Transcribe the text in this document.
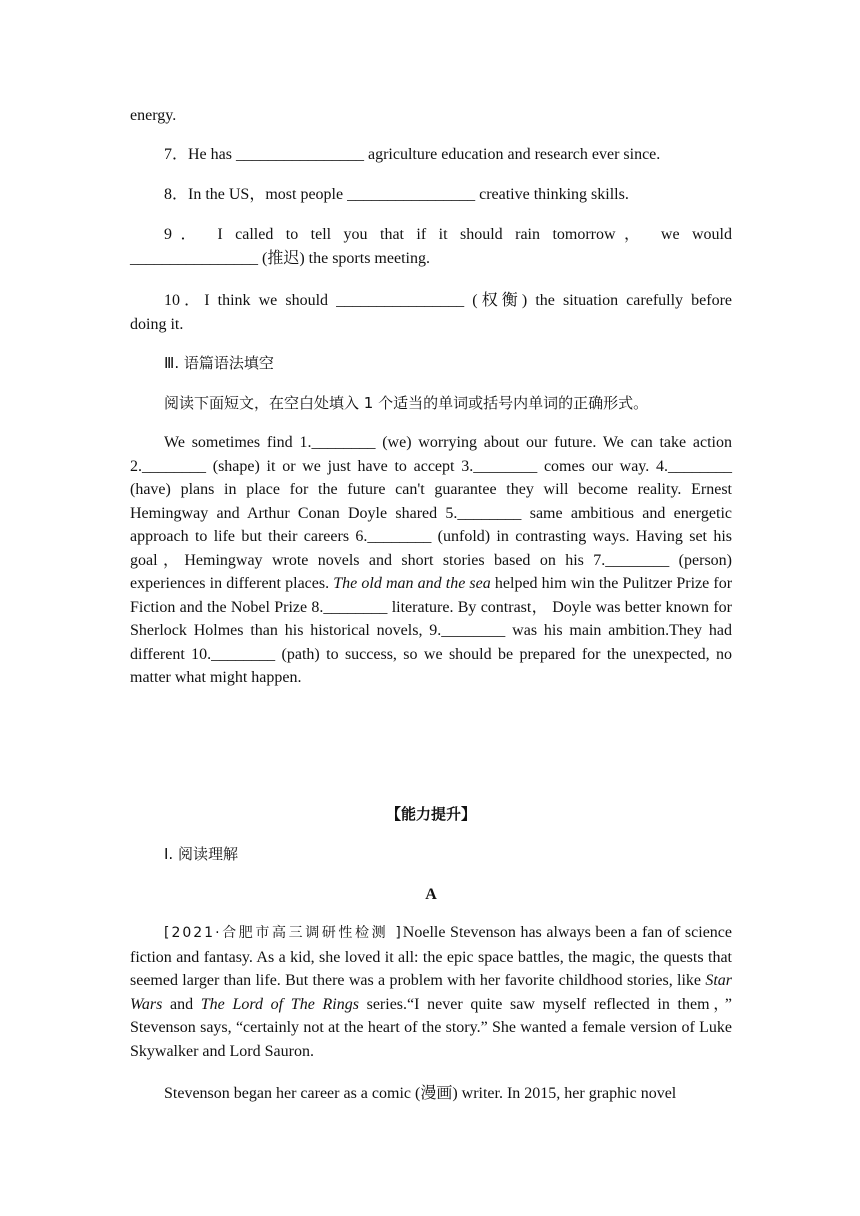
energy.
7．He has ________________ agriculture education and research ever since.
8．In the US，most people ________________ creative thinking skills.
9． I called to tell you that if it should rain tomorrow， we would
________________ (推迟) the sports meeting.
10．I think we should ________________ (权衡) the situation carefully before
doing it.
Ⅲ. 语篇语法填空
阅读下面短文，在空白处填入 1 个适当的单词或括号内单词的正确形式。
We sometimes find 1.________ (we) worrying about our future. We can take action 2.________ (shape) it or we just have to accept 3.________ comes our way. 4.________ (have) plans in place for the future can't guarantee they will become reality. Ernest Hemingway and Arthur Conan Doyle shared 5.________ same ambitious and energetic approach to life but their careers 6.________ (unfold) in contrasting ways. Having set his goal，Hemingway wrote novels and short stories based on his 7.________ (person) experiences in different places. The old man and the sea helped him win the Pulitzer Prize for Fiction and the Nobel Prize 8.________ literature. By contrast， Doyle was better known for Sherlock Holmes than his historical novels, 9.________ was his main ambition.They had different 10.________ (path) to success, so we should be prepared for the unexpected, no matter what might happen.
【能力提升】
Ⅰ. 阅读理解
A
[2021·合肥市高三调研性检测 ]Noelle Stevenson has always been a fan of science fiction and fantasy. As a kid, she loved it all: the epic space battles, the magic, the quests that seemed larger than life. But there was a problem with her favorite childhood stories, like Star Wars and The Lord of The Rings series.“I never quite saw myself reflected in them，” Stevenson says, “certainly not at the heart of the story.” She wanted a female version of Luke Skywalker and Lord Sauron.
Stevenson began her career as a comic (漫画) writer. In 2015, her graphic novel
